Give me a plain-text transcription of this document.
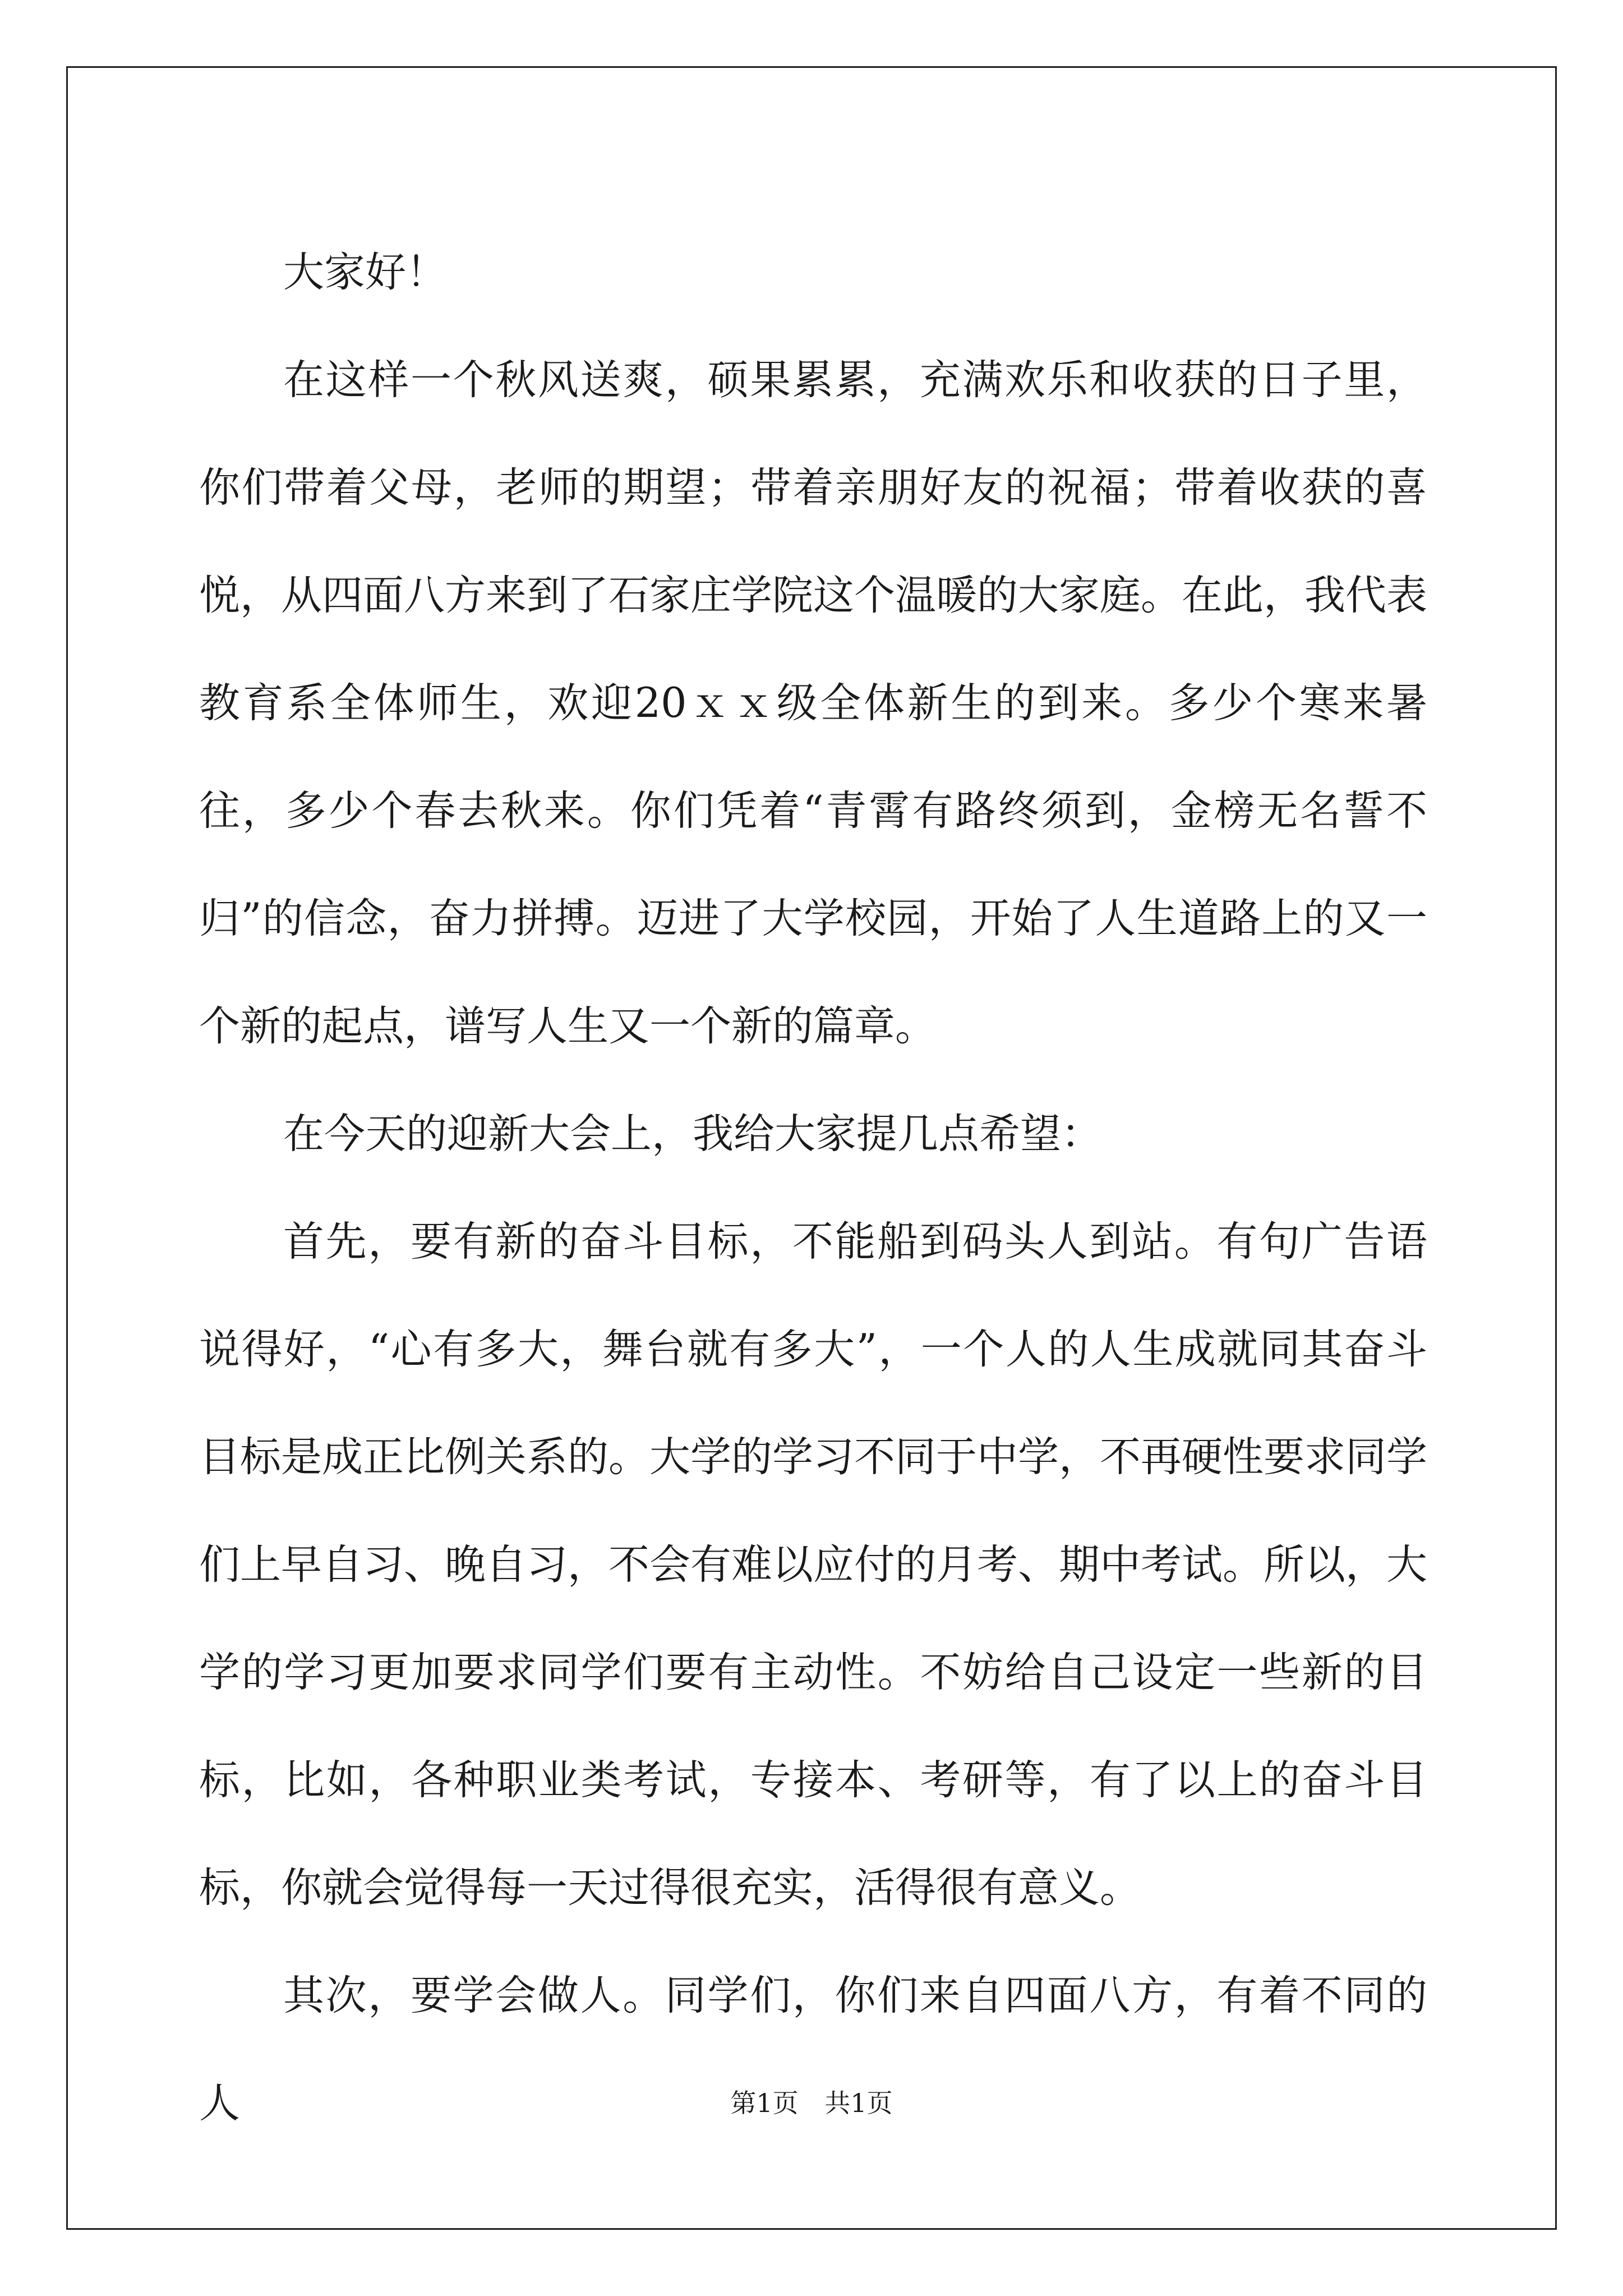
大家好！

在这样一个秋风送爽，硕果累累，充满欢乐和收获的日子里，你们带着父母，老师的期望；带着亲朋好友的祝福；带着收获的喜悦，从四面八方来到了石家庄学院这个温暖的大家庭。在此，我代表教育系全体师生，欢迎20ｘｘ级全体新生的到来。多少个寒来暑往，多少个春去秋来。你们凭着“青霄有路终须到，金榜无名誓不归”的信念，奋力拼搏。迈进了大学校园，开始了人生道路上的又一个新的起点，谱写人生又一个新的篇章。

在今天的迎新大会上，我给大家提几点希望：

首先，要有新的奋斗目标，不能船到码头人到站。有句广告语说得好，“心有多大，舞台就有多大”，一个人的人生成就同其奋斗目标是成正比例关系的。大学的学习不同于中学，不再硬性要求同学们上早自习、晚自习，不会有难以应付的月考、期中考试。所以，大学的学习更加要求同学们要有主动性。不妨给自己设定一些新的目标，比如，各种职业类考试，专接本、考研等，有了以上的奋斗目标，你就会觉得每一天过得很充实，活得很有意义。

其次，要学会做人。同学们，你们来自四面八方，有着不同的人	第1页 共1页
